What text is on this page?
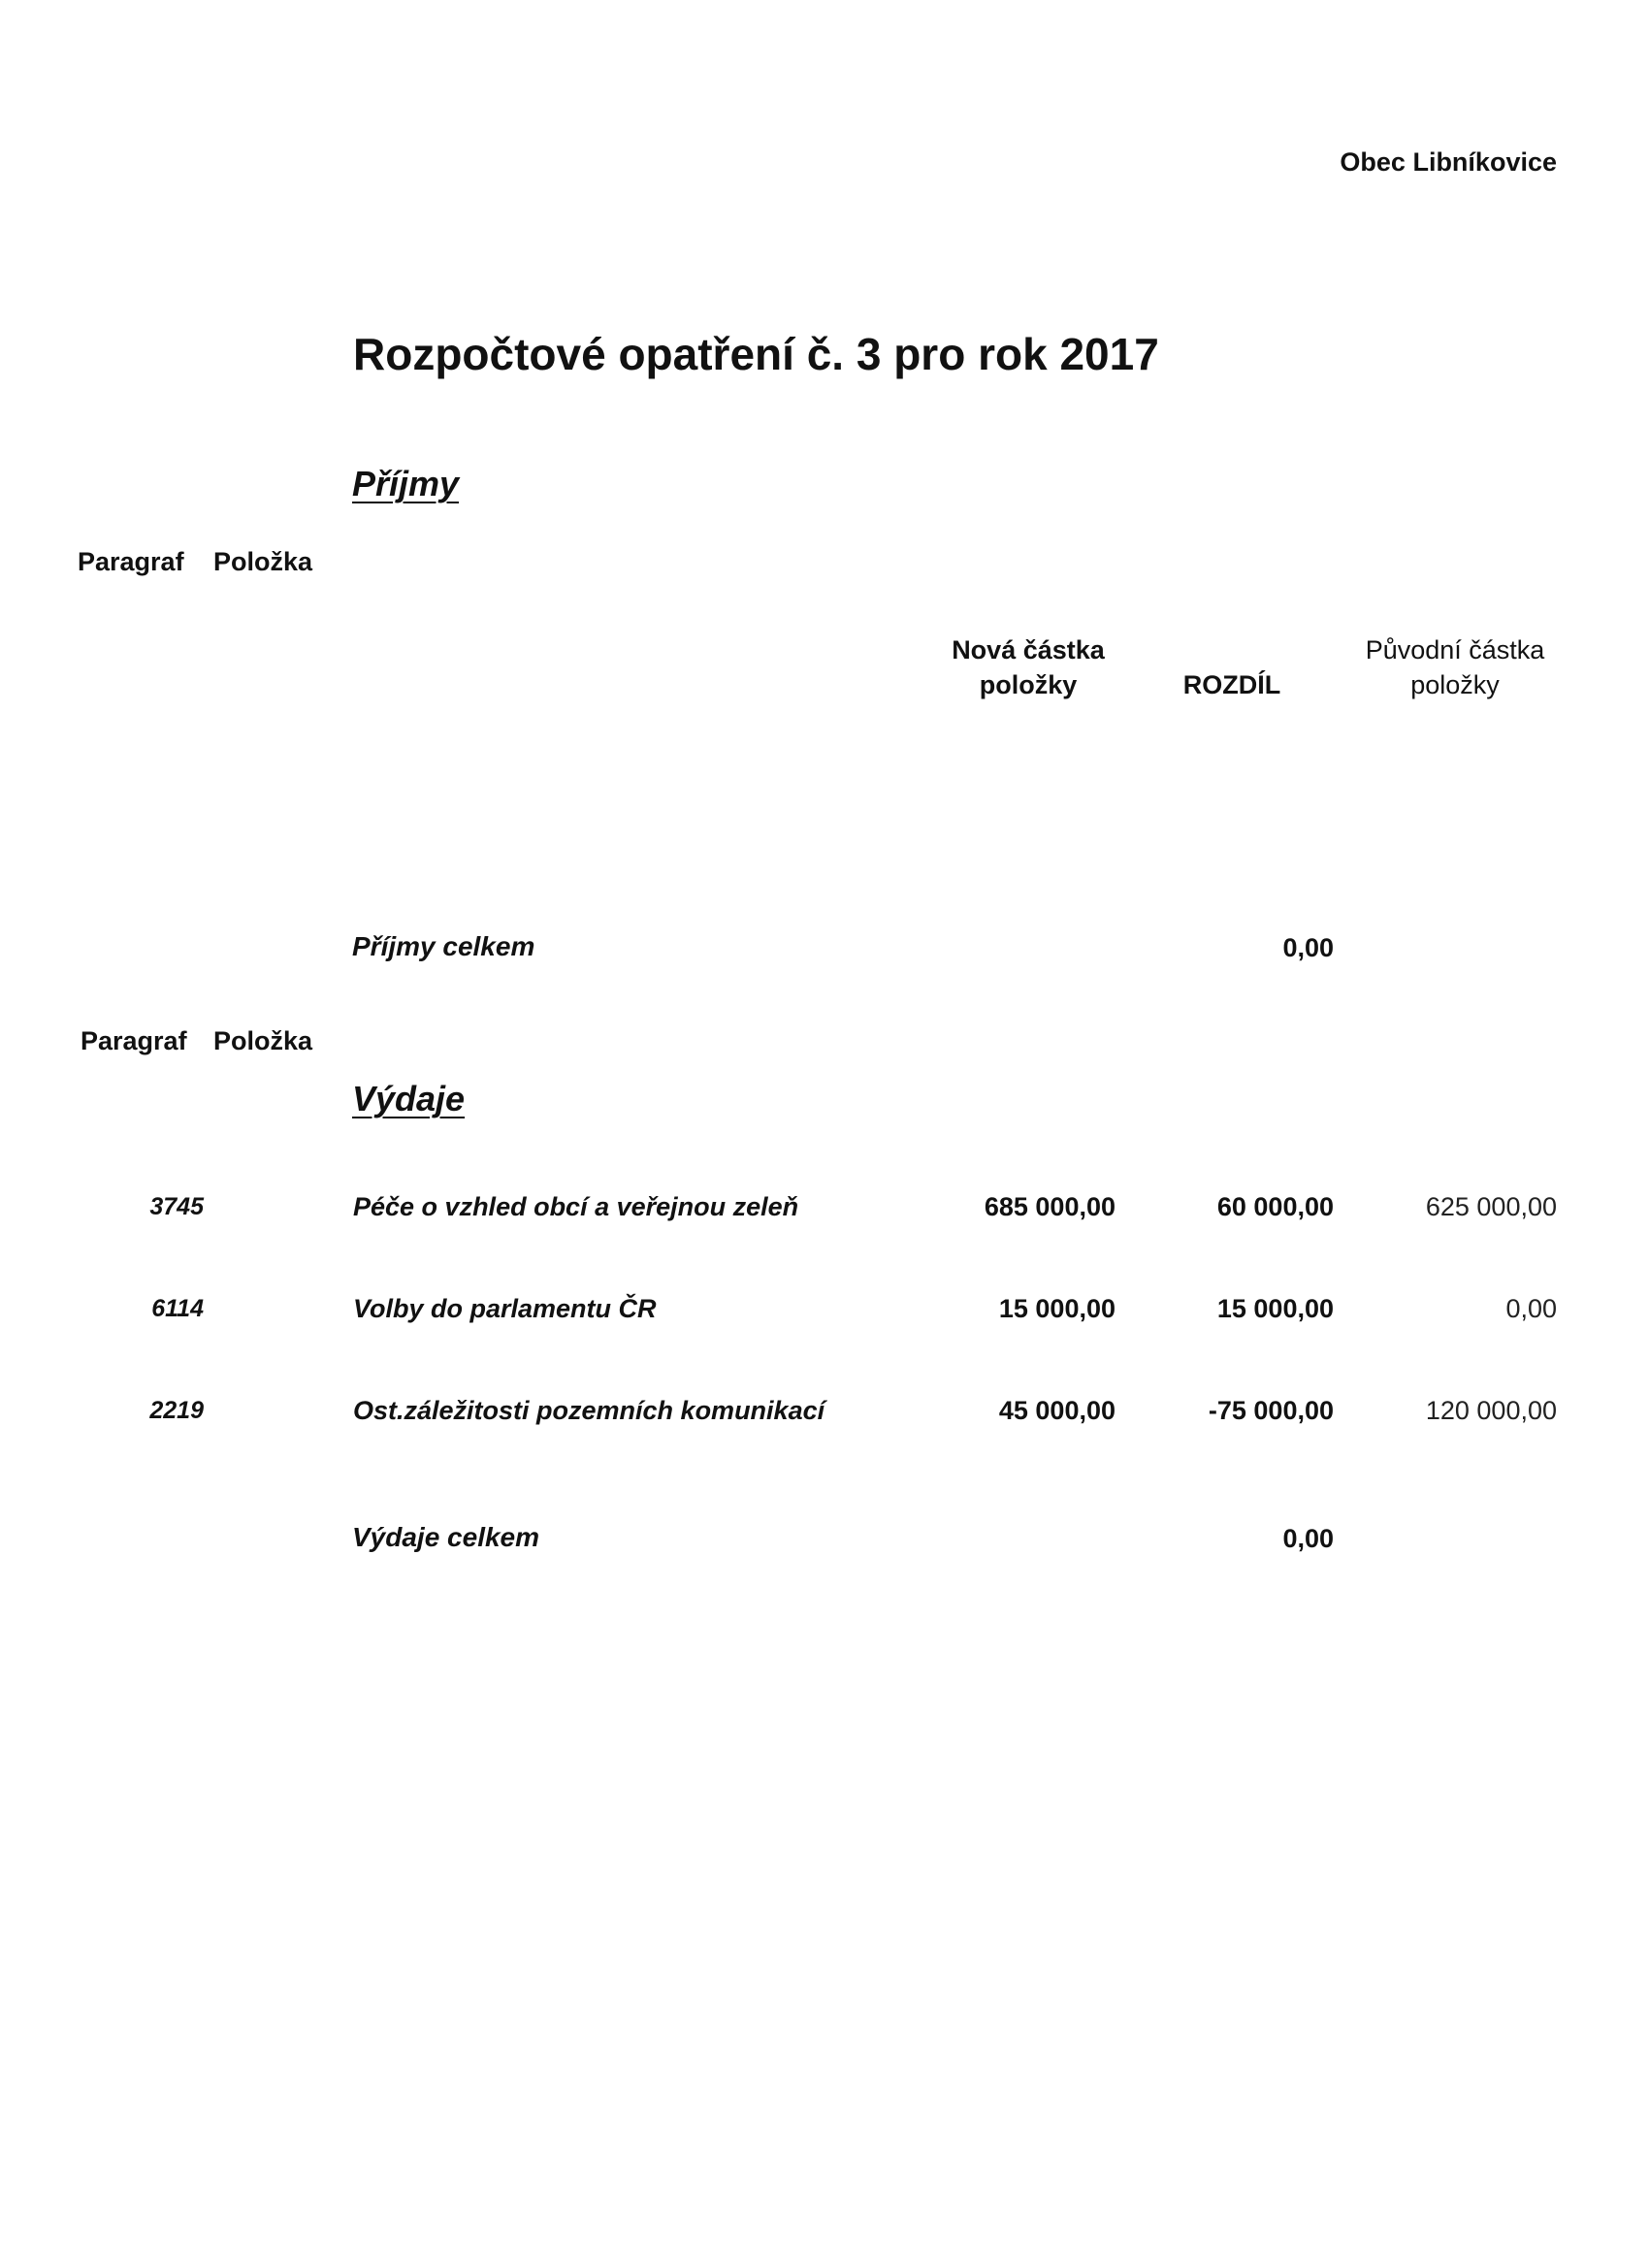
Obec Libníkovice
Rozpočtové opatření č. 3 pro rok 2017
Příjmy
Paragraf Položka
Nová částka
položky	ROZDÍL
Původní částka
položky
Příjmy celkem	0,00
Paragraf Položka
Výdaje
3745	Péče o vzhled obcí a veřejnou zeleň	685 000,00	60 000,00	625 000,00
6114	Volby do parlamentu ČR	15 000,00	15 000,00	0,00
2219	Ost.záležitosti pozemních komunikací	45 000,00	-75 000,00	120 000,00
Výdaje celkem	0,00
